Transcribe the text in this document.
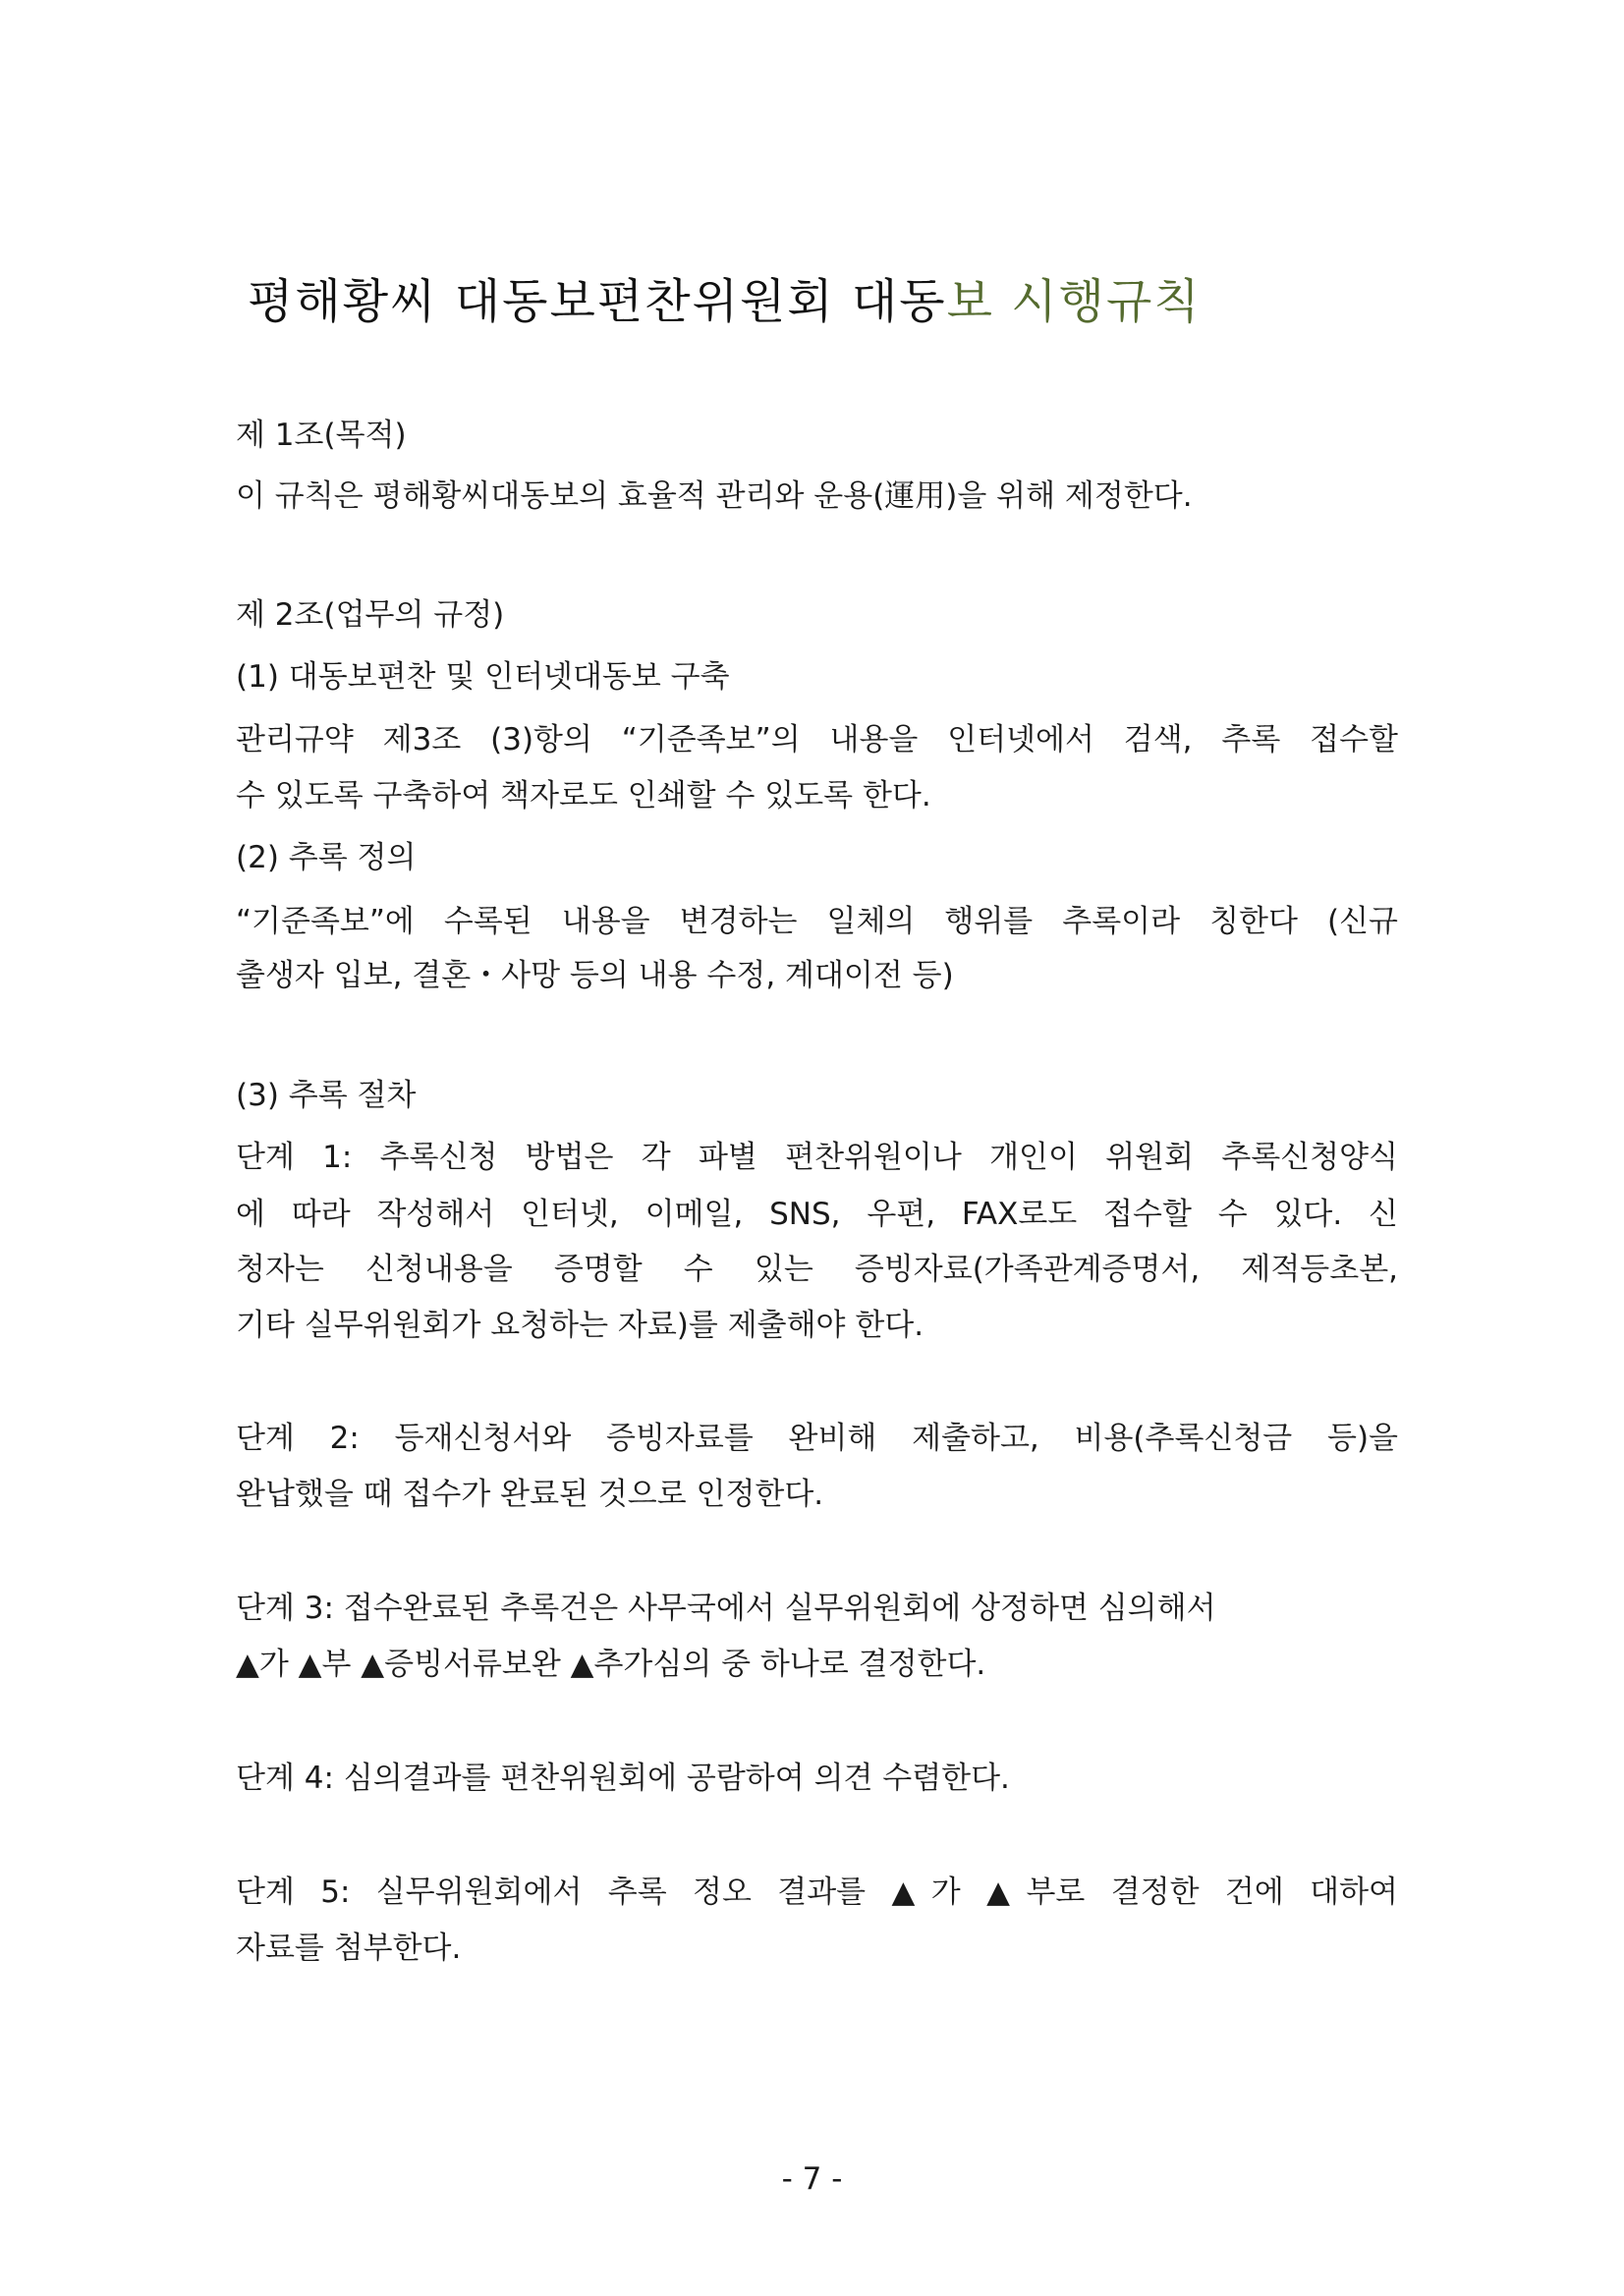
평해황씨 대동보편찬위원회 대동보 시행규칙
제 1조(목적)
이 규칙은 평해황씨대동보의 효율적 관리와 운용(運用)을 위해 제정한다.
제 2조(업무의 규정)
(1) 대동보편찬 및 인터넷대동보 구축
관리규약 제3조 (3)항의 “기준족보”의 내용을 인터넷에서 검색, 추록 접수할
수 있도록 구축하여 책자로도 인쇄할 수 있도록 한다.
(2) 추록 정의
“기준족보”에 수록된 내용을 변경하는 일체의 행위를 추록이라 칭한다 (신규
출생자 입보, 결혼・사망 등의 내용 수정, 계대이전 등)
(3) 추록 절차
단계 1: 추록신청 방법은 각 파별 편찬위원이나 개인이 위원회 추록신청양식
에 따라 작성해서 인터넷, 이메일, SNS, 우편, FAX로도 접수할 수 있다. 신
청자는 신청내용을 증명할 수 있는 증빙자료(가족관계증명서, 제적등초본,
기타 실무위원회가 요청하는 자료)를 제출해야 한다.
단계 2: 등재신청서와 증빙자료를 완비해 제출하고, 비용(추록신청금 등)을
완납했을 때 접수가 완료된 것으로 인정한다.
단계 3: 접수완료된 추록건은 사무국에서 실무위원회에 상정하면 심의해서
▲가 ▲부 ▲증빙서류보완 ▲추가심의 중 하나로 결정한다.
단계 4: 심의결과를 편찬위원회에 공람하여 의견 수렴한다.
단계 5: 실무위원회에서 추록 정오 결과를 ▲가 ▲부로 결정한 건에 대하여
자료를 첨부한다.
- 7 -
